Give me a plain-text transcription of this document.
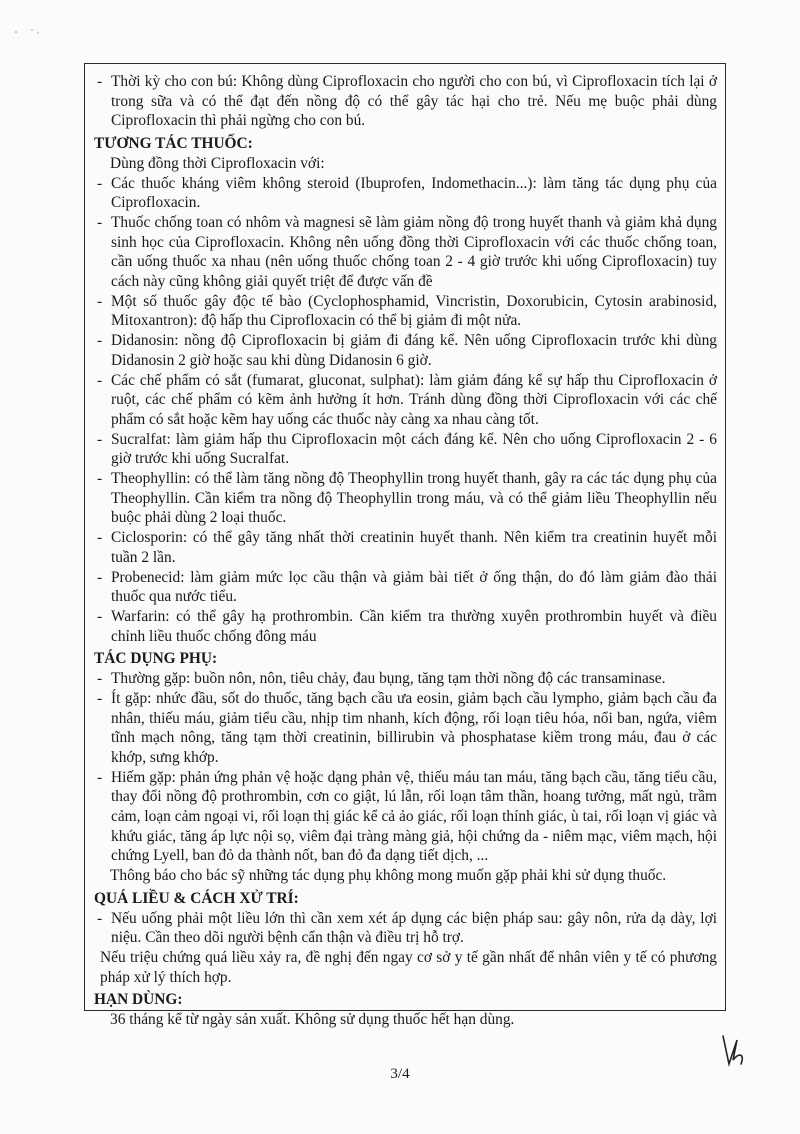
- Thời kỳ cho con bú: Không dùng Ciprofloxacin cho người cho con bú, vì Ciprofloxacin tích lại ở trong sữa và có thể đạt đến nồng độ có thể gây tác hại cho trẻ. Nếu mẹ buộc phải dùng Ciprofloxacin thì phải ngừng cho con bú.
TƯƠNG TÁC THUỐC:
Dùng đồng thời Ciprofloxacin với:
- Các thuốc kháng viêm không steroid (Ibuprofen, Indomethacin...): làm tăng tác dụng phụ của Ciprofloxacin.
- Thuốc chống toan có nhôm và magnesi sẽ làm giảm nồng độ trong huyết thanh và giảm khả dụng sinh học của Ciprofloxacin. Không nên uống đồng thời Ciprofloxacin với các thuốc chống toan, cần uống thuốc xa nhau (nên uống thuốc chống toan 2 - 4 giờ trước khi uống Ciprofloxacin) tuy cách này cũng không giải quyết triệt để được vấn đề
- Một số thuốc gây độc tế bào (Cyclophosphamid, Vincristin, Doxorubicin, Cytosin arabinosid, Mitoxantron): độ hấp thu Ciprofloxacin có thể bị giảm đi một nửa.
- Didanosin: nồng độ Ciprofloxacin bị giảm đi đáng kể. Nên uống Ciprofloxacin trước khi dùng Didanosin 2 giờ hoặc sau khi dùng Didanosin 6 giờ.
- Các chế phẩm có sắt (fumarat, gluconat, sulphat): làm giảm đáng kể sự hấp thu Ciprofloxacin ở ruột, các chế phẩm có kẽm ảnh hưởng ít hơn. Tránh dùng đồng thời Ciprofloxacin với các chế phẩm có sắt hoặc kẽm hay uống các thuốc này càng xa nhau càng tốt.
- Sucralfat: làm giảm hấp thu Ciprofloxacin một cách đáng kể. Nên cho uống Ciprofloxacin 2 - 6 giờ trước khi uống Sucralfat.
- Theophyllin: có thể làm tăng nồng độ Theophyllin trong huyết thanh, gây ra các tác dụng phụ của Theophyllin. Cần kiểm tra nồng độ Theophyllin trong máu, và có thể giảm liều Theophyllin nếu buộc phải dùng 2 loại thuốc.
- Ciclosporin: có thể gây tăng nhất thời creatinin huyết thanh. Nên kiểm tra creatinin huyết mỗi tuần 2 lần.
- Probenecid: làm giảm mức lọc cầu thận và giảm bài tiết ở ống thận, do đó làm giảm đào thải thuốc qua nước tiểu.
- Warfarin: có thể gây hạ prothrombin. Cần kiểm tra thường xuyên prothrombin huyết và điều chỉnh liều thuốc chống đông máu
TÁC DỤNG PHỤ:
- Thường gặp: buồn nôn, nôn, tiêu chảy, đau bụng, tăng tạm thời nồng độ các transaminase.
- Ít gặp: nhức đầu, sốt do thuốc, tăng bạch cầu ưa eosin, giảm bạch cầu lympho, giảm bạch cầu đa nhân, thiếu máu, giảm tiểu cầu, nhịp tim nhanh, kích động, rối loạn tiêu hóa, nổi ban, ngứa, viêm tĩnh mạch nông, tăng tạm thời creatinin, billirubin và phosphatase kiềm trong máu, đau ở các khớp, sưng khớp.
- Hiếm gặp: phản ứng phản vệ hoặc dạng phản vệ, thiếu máu tan máu, tăng bạch cầu, tăng tiểu cầu, thay đổi nồng độ prothrombin, cơn co giật, lú lẫn, rối loạn tâm thần, hoang tưởng, mất ngủ, trầm cảm, loạn cảm ngoại vi, rối loạn thị giác kể cả ảo giác, rối loạn thính giác, ù tai, rối loạn vị giác và khứu giác, tăng áp lực nội sọ, viêm đại tràng màng giả, hội chứng da - niêm mạc, viêm mạch, hội chứng Lyell, ban đỏ da thành nốt, ban đỏ đa dạng tiết dịch, ...
Thông báo cho bác sỹ những tác dụng phụ không mong muốn gặp phải khi sử dụng thuốc.
QUÁ LIỀU & CÁCH XỬ TRÍ:
- Nếu uống phải một liều lớn thì cần xem xét áp dụng các biện pháp sau: gây nôn, rửa dạ dày, lợi niệu. Cần theo dõi người bệnh cẩn thận và điều trị hỗ trợ.
Nếu triệu chứng quá liều xảy ra, đề nghị đến ngay cơ sở y tế gần nhất để nhân viên y tế có phương pháp xử lý thích hợp.
HẠN DÙNG:
36 tháng kể từ ngày sản xuất. Không sử dụng thuốc hết hạn dùng.
3/4
